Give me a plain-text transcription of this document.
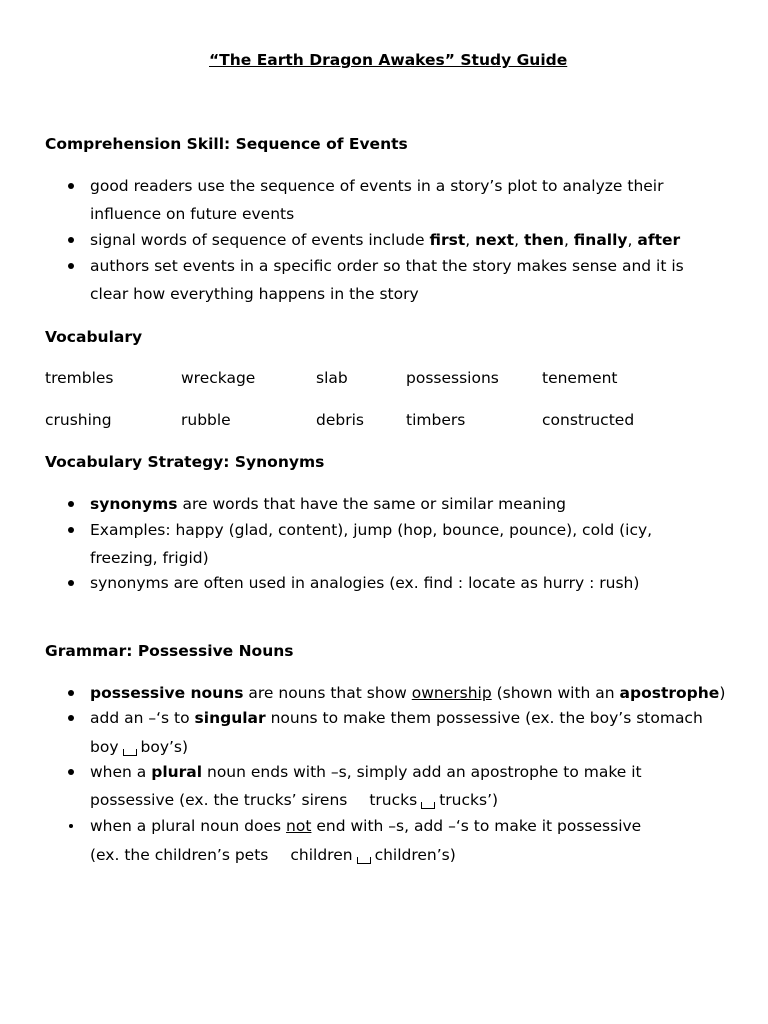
“The Earth Dragon Awakes” Study Guide
Comprehension Skill: Sequence of Events
good readers use the sequence of events in a story’s plot to analyze their
influence on future events
signal words of sequence of events include first, next, then, finally, after
authors set events in a specific order so that the story makes sense and it is
clear how everything happens in the story
Vocabulary
trembles	wreckage	slab	possessions	tenement
crushing	rubble	debris	timbers	constructed
Vocabulary Strategy: Synonyms
synonyms are words that have the same or similar meaning
Examples: happy (glad, content), jump (hop, bounce, pounce), cold (icy,
freezing, frigid)
synonyms are often used in analogies (ex. find : locate as hurry : rush)
Grammar: Possessive Nouns
possessive nouns are nouns that show ownership (shown with an apostrophe)
add an –‘s to singular nouns to make them possessive (ex. the boy’s stomach
boy boy’s)
when a plural noun ends with –s, simply add an apostrophe to make it
possessive (ex. the trucks’ sirens trucks trucks’)
when a plural noun does not end with –s, add –‘s to make it possessive
(ex. the children’s pets children children’s)
